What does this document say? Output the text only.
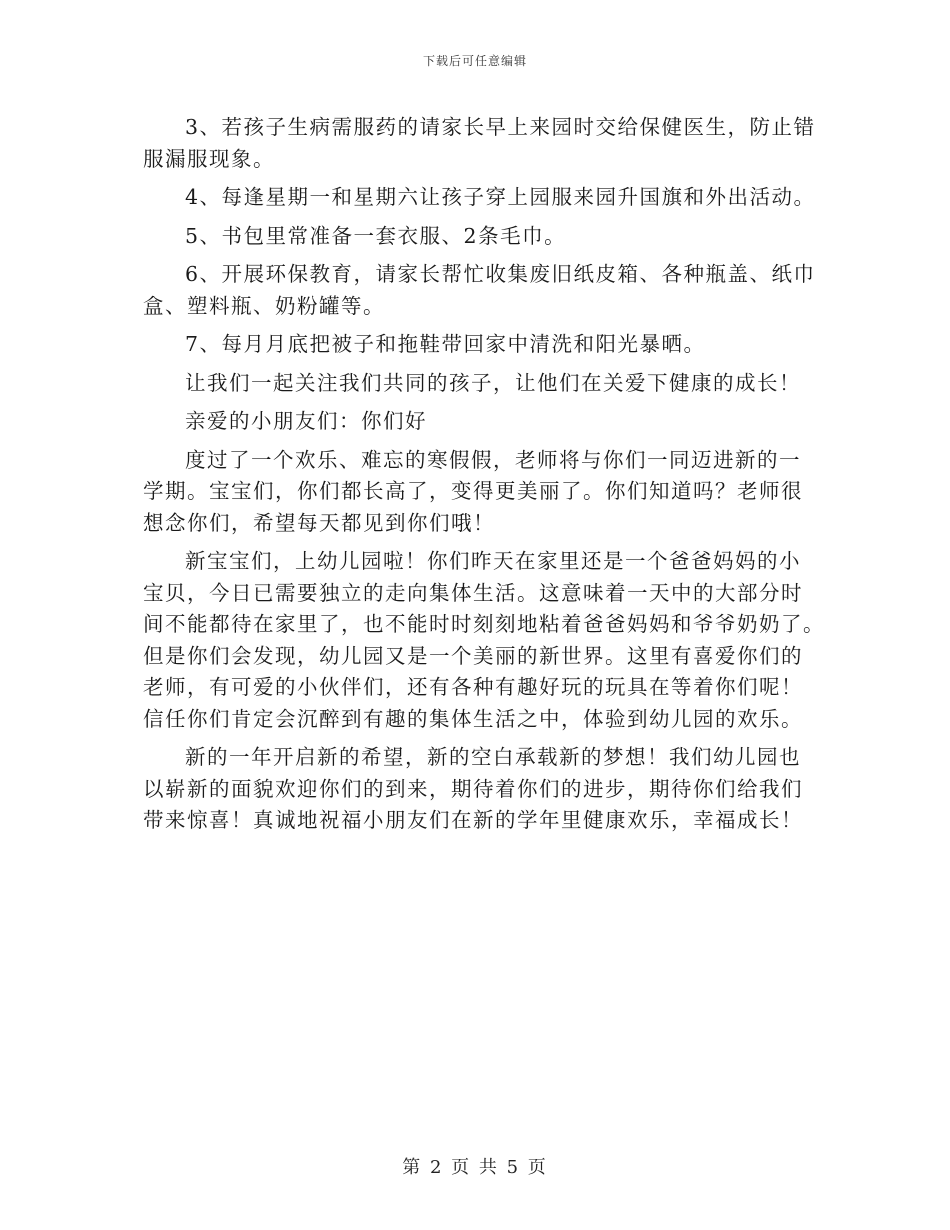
下载后可任意编辑

3、若孩子生病需服药的请家长早上来园时交给保健医生，防止错
服漏服现象。

4、每逢星期一和星期六让孩子穿上园服来园升国旗和外出活动。

5、书包里常准备一套衣服、2条毛巾。

6、开展环保教育，请家长帮忙收集废旧纸皮箱、各种瓶盖、纸巾
盒、塑料瓶、奶粉罐等。

7、每月月底把被子和拖鞋带回家中清洗和阳光暴晒。

让我们一起关注我们共同的孩子，让他们在关爱下健康的成长！

亲爱的小朋友们：你们好

度过了一个欢乐、难忘的寒假假，老师将与你们一同迈进新的一
学期。宝宝们，你们都长高了，变得更美丽了。你们知道吗？老师很
想念你们，希望每天都见到你们哦！

新宝宝们，上幼儿园啦！你们昨天在家里还是一个爸爸妈妈的小
宝贝，今日已需要独立的走向集体生活。这意味着一天中的大部分时
间不能都待在家里了，也不能时时刻刻地粘着爸爸妈妈和爷爷奶奶了。
但是你们会发现，幼儿园又是一个美丽的新世界。这里有喜爱你们的
老师，有可爱的小伙伴们，还有各种有趣好玩的玩具在等着你们呢！
信任你们肯定会沉醉到有趣的集体生活之中，体验到幼儿园的欢乐。

新的一年开启新的希望，新的空白承载新的梦想！我们幼儿园也
以崭新的面貌欢迎你们的到来，期待着你们的进步，期待你们给我们
带来惊喜！真诚地祝福小朋友们在新的学年里健康欢乐，幸福成长！

第 2 页 共 5 页
